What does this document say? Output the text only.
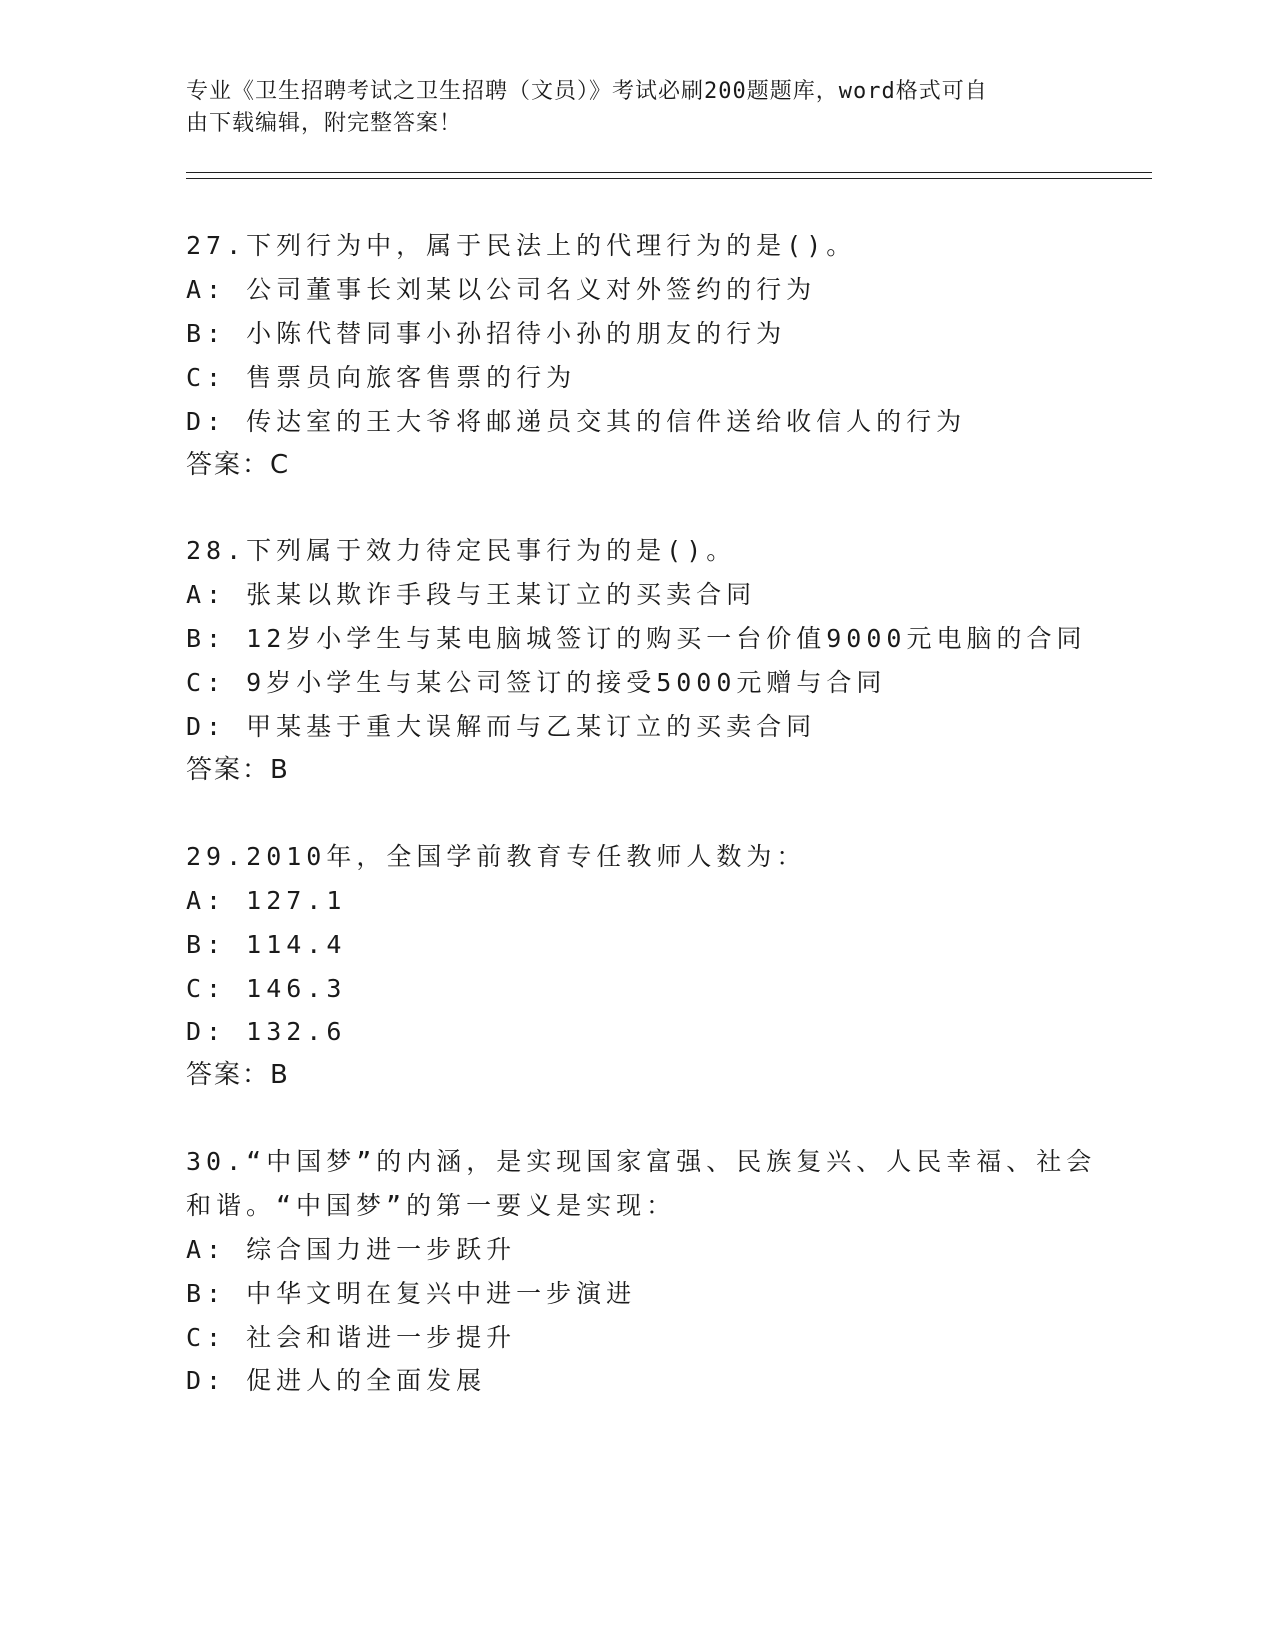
专业《卫生招聘考试之卫生招聘（文员）》考试必刷200题题库，word格式可自
由下载编辑，附完整答案！
27.下列行为中，属于民法上的代理行为的是()。
A: 公司董事长刘某以公司名义对外签约的行为
B: 小陈代替同事小孙招待小孙的朋友的行为
C: 售票员向旅客售票的行为
D: 传达室的王大爷将邮递员交其的信件送给收信人的行为
答案：C
28.下列属于效力待定民事行为的是()。
A: 张某以欺诈手段与王某订立的买卖合同
B: 12岁小学生与某电脑城签订的购买一台价值9000元电脑的合同
C: 9岁小学生与某公司签订的接受5000元赠与合同
D: 甲某基于重大误解而与乙某订立的买卖合同
答案：B
29.2010年，全国学前教育专任教师人数为：
A: 127.1
B: 114.4
C: 146.3
D: 132.6
答案：B
30.“中国梦”的内涵，是实现国家富强、民族复兴、人民幸福、社会
和谐。“中国梦”的第一要义是实现：
A: 综合国力进一步跃升
B: 中华文明在复兴中进一步演进
C: 社会和谐进一步提升
D: 促进人的全面发展
